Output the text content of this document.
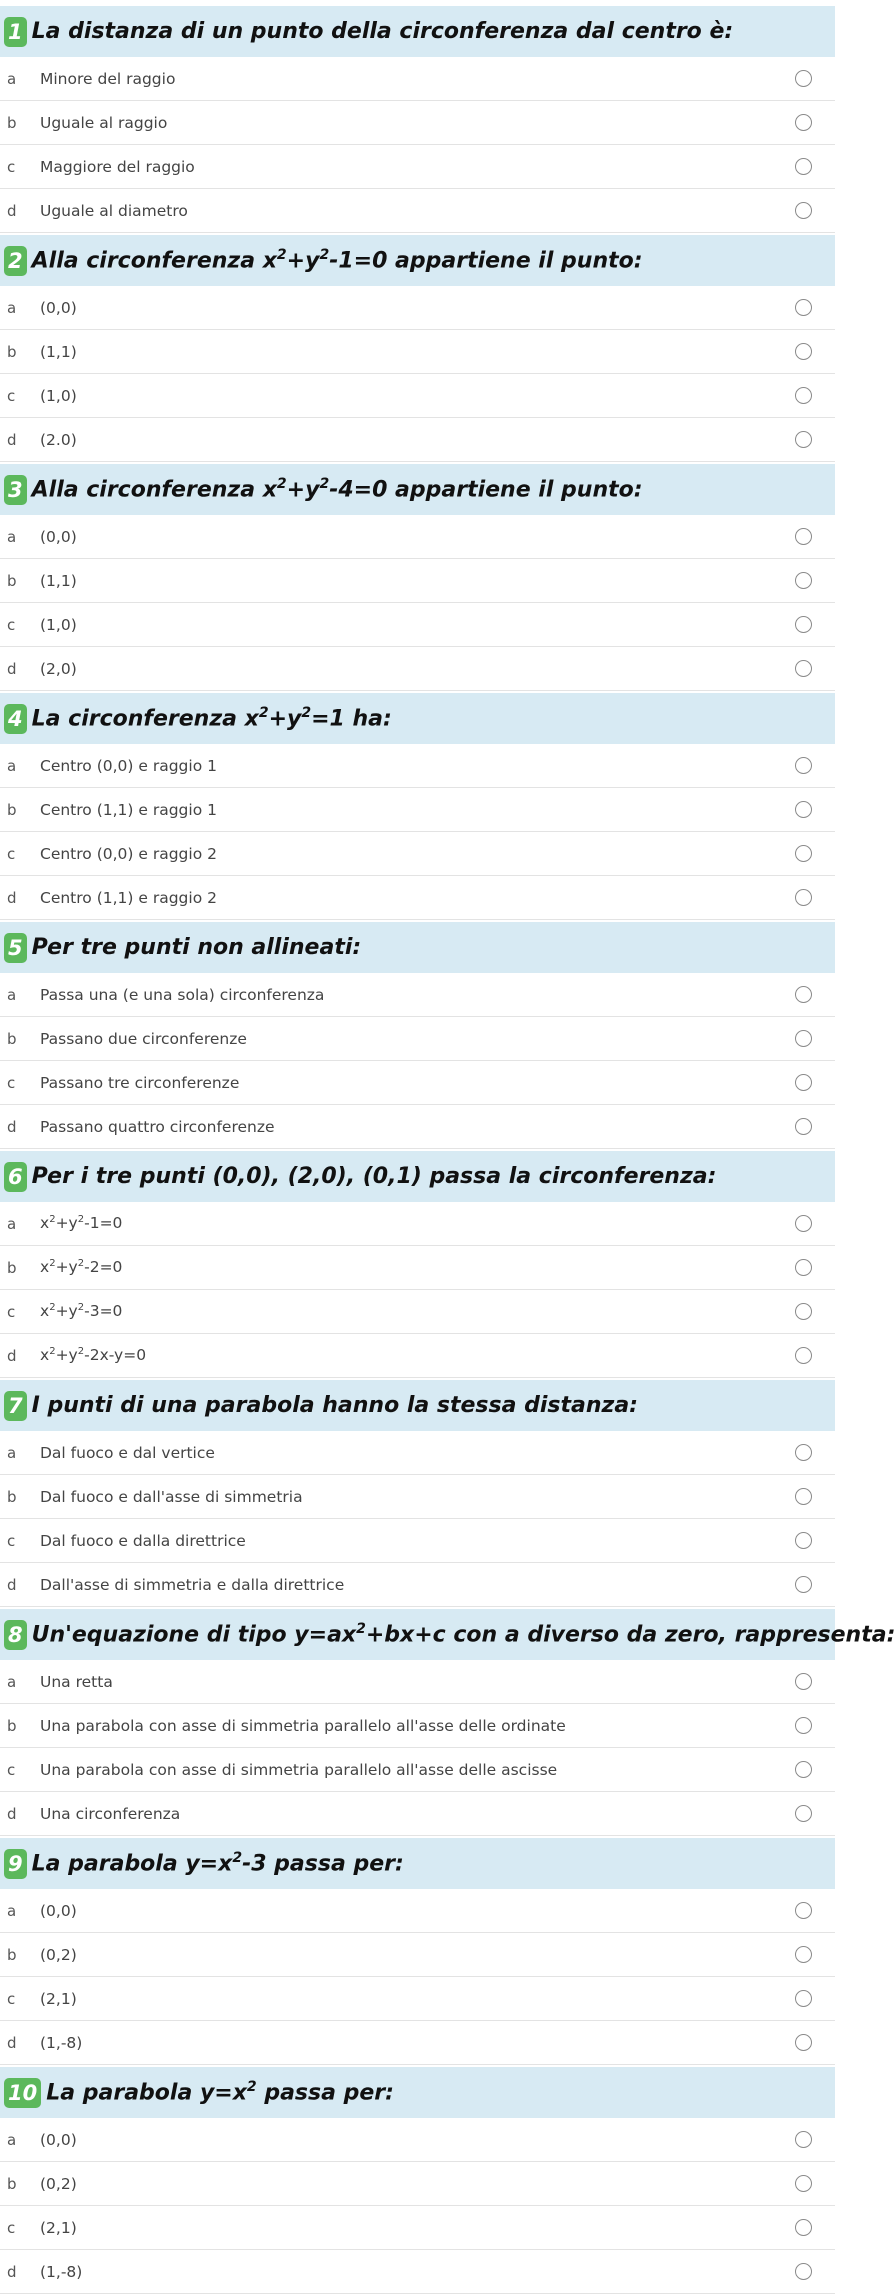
1 La distanza di un punto della circonferenza dal centro è:
a	Minore del raggio
b	Uguale al raggio
c	Maggiore del raggio
d	Uguale al diametro
2 Alla circonferenza $x^2+y^2-1=0$ appartiene il punto:
a	(0,0)
b	(1,1)
c	(1,0)
d	(2.0)
3 Alla circonferenza $x^2+y^2-4=0$ appartiene il punto:
a	(0,0)
b	(1,1)
c	(1,0)
d	(2,0)
4 La circonferenza $x^2+y^2=1$ ha:
a	Centro (0,0) e raggio 1
b	Centro (1,1) e raggio 1
c	Centro (0,0) e raggio 2
d	Centro (1,1) e raggio 2
5 Per tre punti non allineati:
a	Passa una (e una sola) circonferenza
b	Passano due circonferenze
c	Passano tre circonferenze
d	Passano quattro circonferenze
6 Per i tre punti (0,0), (2,0), (0,1) passa la circonferenza:
a	$x^2+y^2-1=0$
b	$x^2+y^2-2=0$
c	$x^2+y^2-3=0$
d	$x^2+y^2-2x-y=0$
7 I punti di una parabola hanno la stessa distanza:
a	Dal fuoco e dal vertice
b	Dal fuoco e dall'asse di simmetria
c	Dal fuoco e dalla direttrice
d	Dall'asse di simmetria e dalla direttrice
8 Un'equazione di tipo $y=ax^2+bx+c$ con a diverso da zero, rappresenta:
a	Una retta
b	Una parabola con asse di simmetria parallelo all'asse delle ordinate
c	Una parabola con asse di simmetria parallelo all'asse delle ascisse
d	Una circonferenza
9 La parabola $y=x^2-3$ passa per:
a	(0,0)
b	(0,2)
c	(2,1)
d	(1,-8)
10 La parabola $y=x^2$ passa per:
a	(0,0)
b	(0,2)
c	(2,1)
d	(1,-8)
